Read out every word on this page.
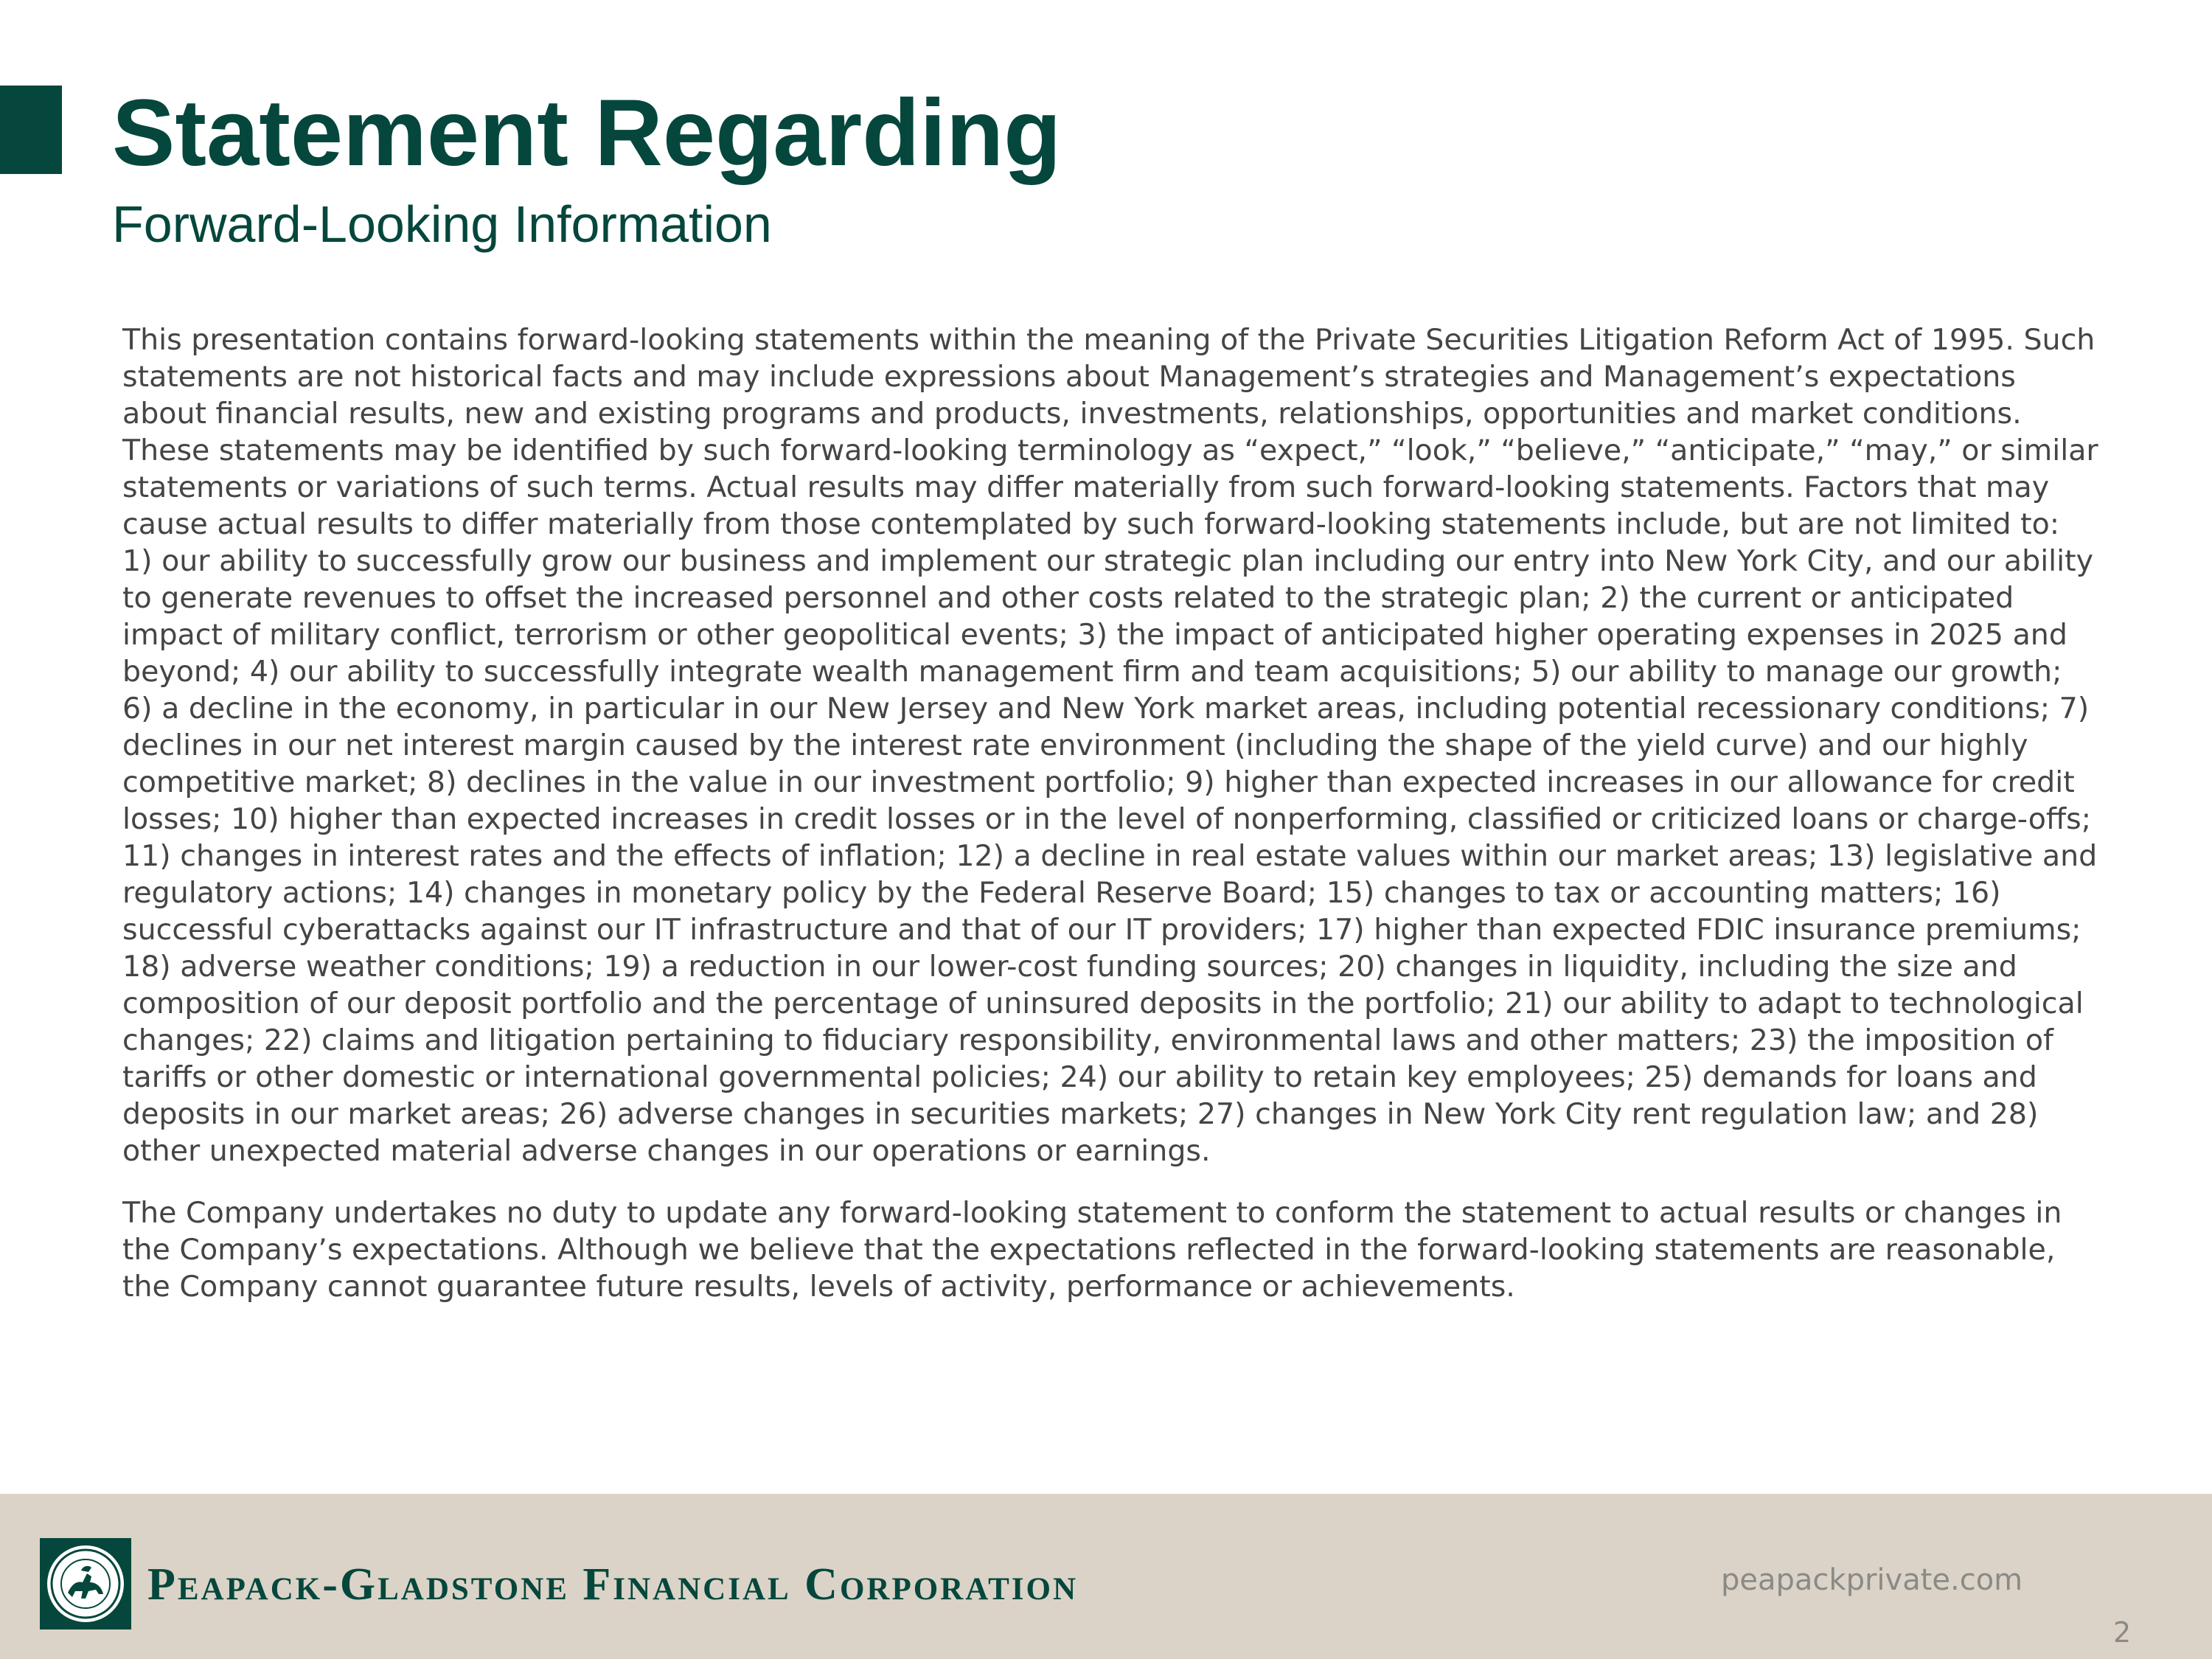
Statement Regarding
Forward-Looking Information

This presentation contains forward-looking statements within the meaning of the Private Securities Litigation Reform Act of 1995. Such statements are not historical facts and may include expressions about Management’s strategies and Management’s expectations about financial results, new and existing programs and products, investments, relationships, opportunities and market conditions. These statements may be identified by such forward-looking terminology as “expect,” “look,” “believe,” “anticipate,” “may,” or similar statements or variations of such terms. Actual results may differ materially from such forward-looking statements. Factors that may cause actual results to differ materially from those contemplated by such forward-looking statements include, but are not limited to: 1) our ability to successfully grow our business and implement our strategic plan including our entry into New York City, and our ability to generate revenues to offset the increased personnel and other costs related to the strategic plan; 2) the current or anticipated impact of military conflict, terrorism or other geopolitical events; 3) the impact of anticipated higher operating expenses in 2025 and beyond; 4) our ability to successfully integrate wealth management firm and team acquisitions; 5) our ability to manage our growth; 6) a decline in the economy, in particular in our New Jersey and New York market areas, including potential recessionary conditions; 7) declines in our net interest margin caused by the interest rate environment (including the shape of the yield curve) and our highly competitive market; 8) declines in the value in our investment portfolio; 9) higher than expected increases in our allowance for credit losses; 10) higher than expected increases in credit losses or in the level of nonperforming, classified or criticized loans or charge-offs; 11) changes in interest rates and the effects of inflation; 12) a decline in real estate values within our market areas; 13) legislative and regulatory actions; 14) changes in monetary policy by the Federal Reserve Board; 15) changes to tax or accounting matters; 16) successful cyberattacks against our IT infrastructure and that of our IT providers; 17) higher than expected FDIC insurance premiums; 18) adverse weather conditions; 19) a reduction in our lower-cost funding sources; 20) changes in liquidity, including the size and composition of our deposit portfolio and the percentage of uninsured deposits in the portfolio; 21) our ability to adapt to technological changes; 22) claims and litigation pertaining to fiduciary responsibility, environmental laws and other matters; 23) the imposition of tariffs or other domestic or international governmental policies; 24) our ability to retain key employees; 25) demands for loans and deposits in our market areas; 26) adverse changes in securities markets; 27) changes in New York City rent regulation law; and 28) other unexpected material adverse changes in our operations or earnings.

The Company undertakes no duty to update any forward-looking statement to conform the statement to actual results or changes in the Company’s expectations. Although we believe that the expectations reflected in the forward-looking statements are reasonable, the Company cannot guarantee future results, levels of activity, performance or achievements.

Peapack-Gladstone Financial Corporation	peapackprivate.com
2
